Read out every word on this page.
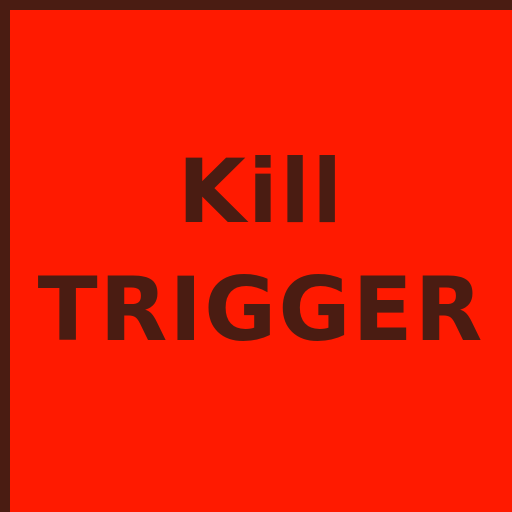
Kill
TRIGGER
